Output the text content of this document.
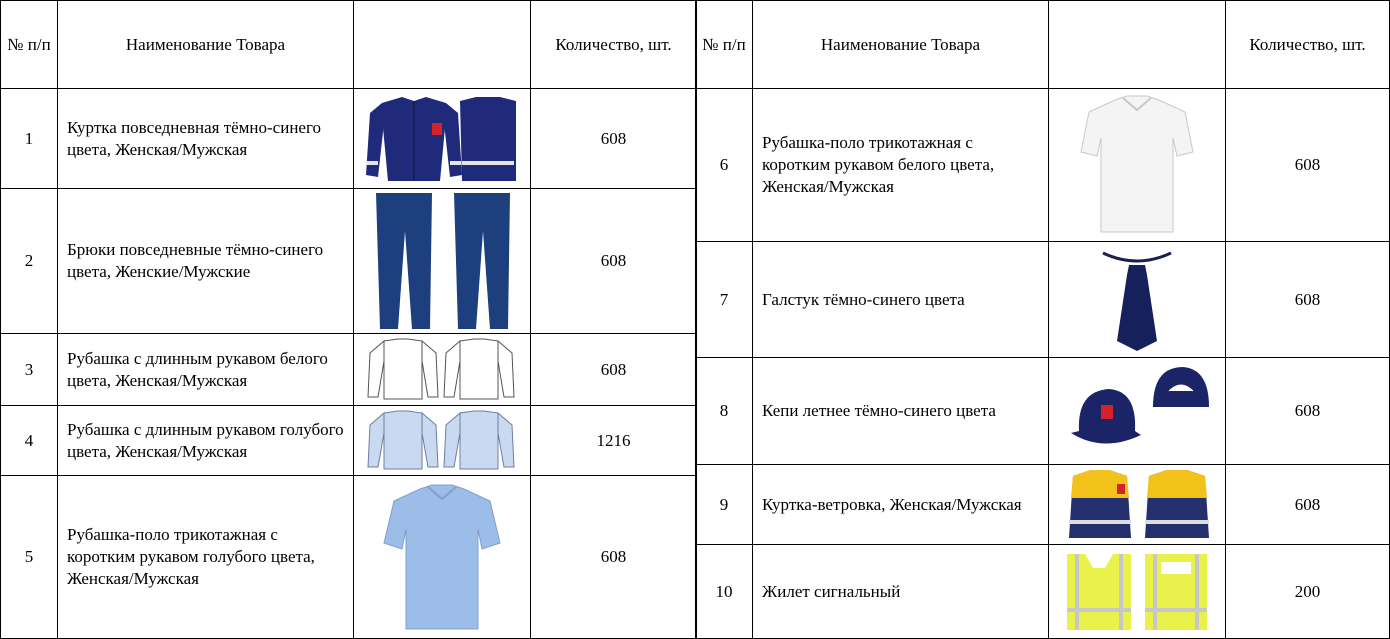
№ п/п	Наименование Товара		Количество, шт.
1	Куртка повседневная тёмно-синего цвета, Женская/Мужская		608
2	Брюки повседневные тёмно-синего цвета, Женские/Мужские		608
3	Рубашка с длинным рукавом белого цвета, Женская/Мужская		608
4	Рубашка с длинным рукавом голубого цвета, Женская/Мужская		1216
5	Рубашка-поло трикотажная с коротким рукавом голубого цвета, Женская/Мужская		608
№ п/п	Наименование Товара		Количество, шт.
6	Рубашка-поло трикотажная с коротким рукавом белого цвета, Женская/Мужская		608
7	Галстук тёмно-синего цвета		608
8	Кепи летнее тёмно-синего цвета		608
9	Куртка-ветровка, Женская/Мужская		608
10	Жилет сигнальный		200
